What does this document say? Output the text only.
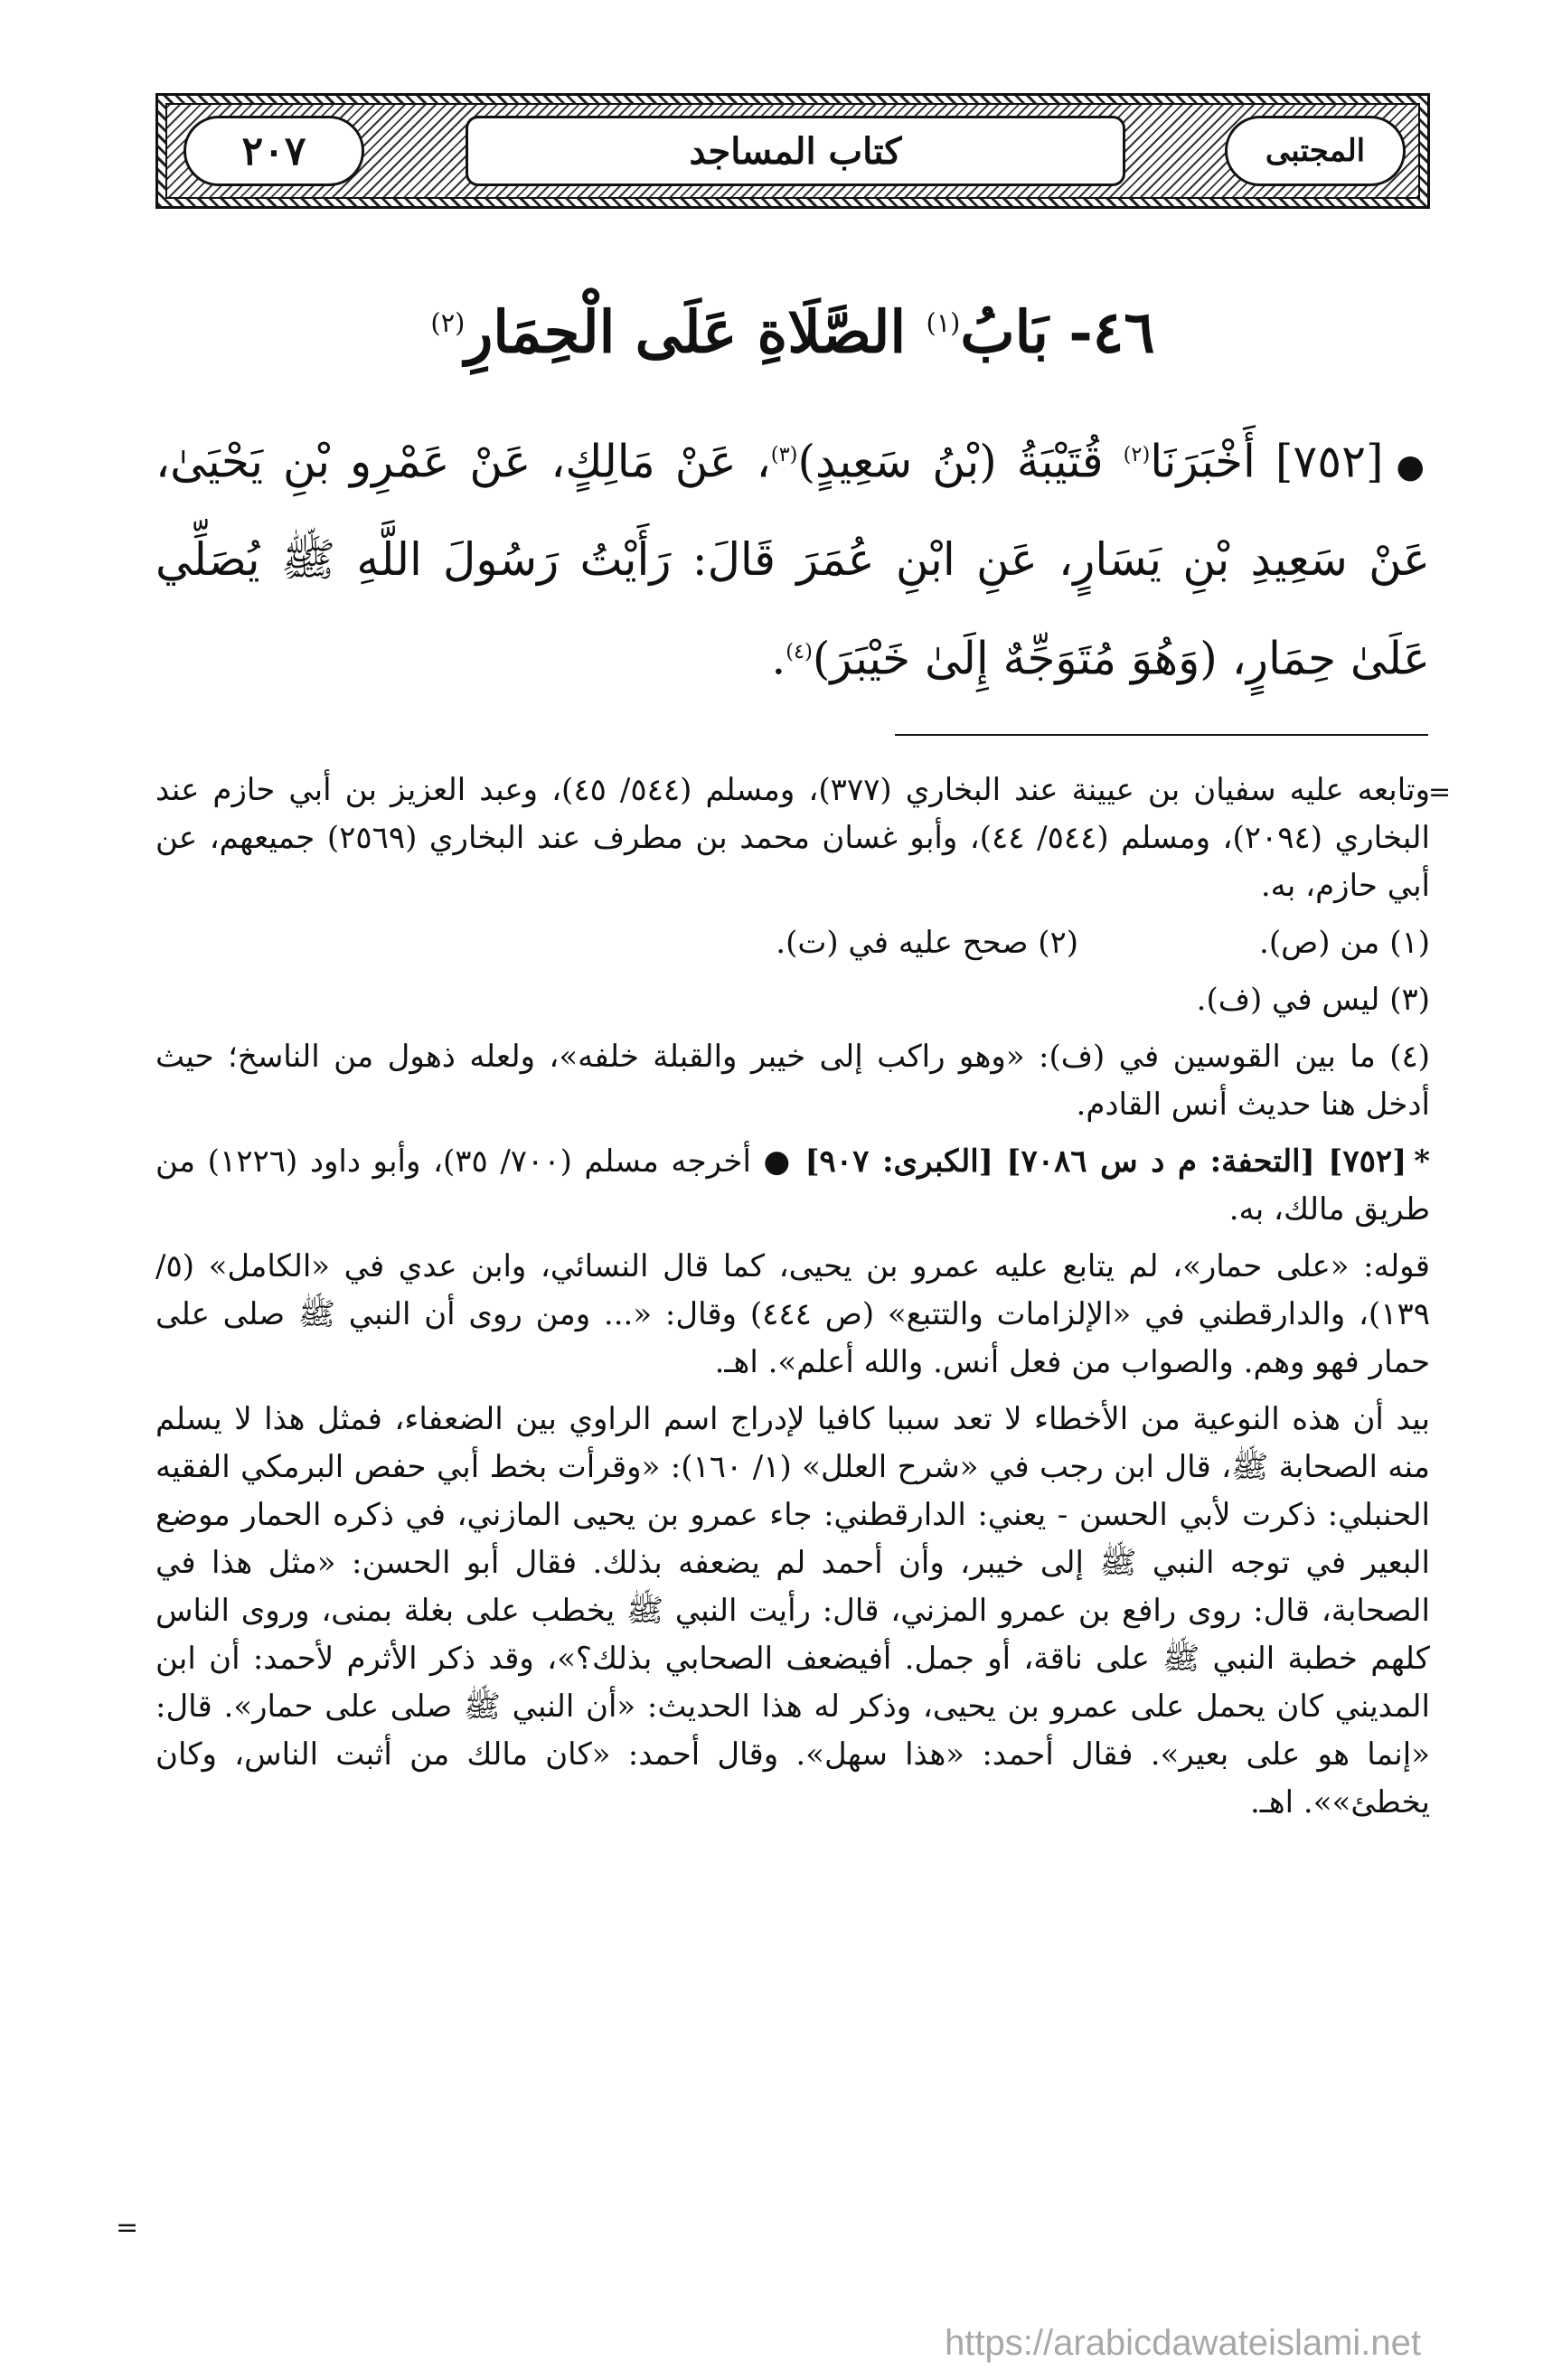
٢٠٧	كتاب المساجد	المجتبى
٤٦- بَابُ$^{(١)}$ الصَّلَاةِ عَلَى الْحِمَارِ$^{(٢)}$
●[٧٥٢] أَخْبَرَنَا$^{(٢)}$ قُتَيْبَةُ (بْنُ سَعِيدٍ)$^{(٣)}$، عَنْ مَالِكٍ، عَنْ عَمْرِو بْنِ يَحْيَىٰ، عَنْ سَعِيدِ بْنِ يَسَارٍ، عَنِ ابْنِ عُمَرَ قَالَ: رَأَيْتُ رَسُولَ اللَّهِ ﷺ يُصَلِّي عَلَىٰ حِمَارٍ، (وَهُوَ مُتَوَجِّهٌ إِلَىٰ خَيْبَرَ)$^{(٤)}$.
=

وتابعه عليه سفيان بن عيينة عند البخاري (٣٧٧)، ومسلم (٥٤٤/ ٤٥)، وعبد العزيز بن أبي حازم عند البخاري (٢٠٩٤)، ومسلم (٥٤٤/ ٤٤)، وأبو غسان محمد بن مطرف عند البخاري (٢٥٦٩) جميعهم، عن أبي حازم، به.

(١) من (ص).

(٢) صحح عليه في (ت).

(٣) ليس في (ف).

(٤) ما بين القوسين في (ف): «وهو راكب إلى خيبر والقبلة خلفه»، ولعله ذهول من الناسخ؛ حيث أدخل هنا حديث أنس القادم.

*[٧٥٢] [التحفة: م د س ٧٠٨٦] [الكبرى: ٩٠٧] ● أخرجه مسلم (٧٠٠/ ٣٥)، وأبو داود (١٢٢٦) من طريق مالك، به.

قوله: «على حمار»، لم يتابع عليه عمرو بن يحيى، كما قال النسائي، وابن عدي في «الكامل» (٥/ ١٣٩)، والدارقطني في «الإلزامات والتتبع» (ص ٤٤٤) وقال: «... ومن روى أن النبي ﷺ صلى على حمار فهو وهم. والصواب من فعل أنس. والله أعلم». اهـ.

بيد أن هذه النوعية من الأخطاء لا تعد سببا كافيا لإدراج اسم الراوي بين الضعفاء، فمثل هذا لا يسلم منه الصحابة ﷺ، قال ابن رجب في «شرح العلل» (١/ ١٦٠): «وقرأت بخط أبي حفص البرمكي الفقيه الحنبلي: ذكرت لأبي الحسن - يعني: الدارقطني: جاء عمرو بن يحيى المازني، في ذكره الحمار موضع البعير في توجه النبي ﷺ إلى خيبر، وأن أحمد لم يضعفه بذلك. فقال أبو الحسن: «مثل هذا في الصحابة، قال: روى رافع بن عمرو المزني، قال: رأيت النبي ﷺ يخطب على بغلة بمنى، وروى الناس كلهم خطبة النبي ﷺ على ناقة، أو جمل. أفيضعف الصحابي بذلك؟»، وقد ذكر الأثرم لأحمد: أن ابن المديني كان يحمل على عمرو بن يحيى، وذكر له هذا الحديث: «أن النبي ﷺ صلى على حمار». قال: «إنما هو على بعير». فقال أحمد: «هذا سهل». وقال أحمد: «كان مالك من أثبت الناس، وكان يخطئ»». اهـ.

=
https://arabicdawateislami.net
